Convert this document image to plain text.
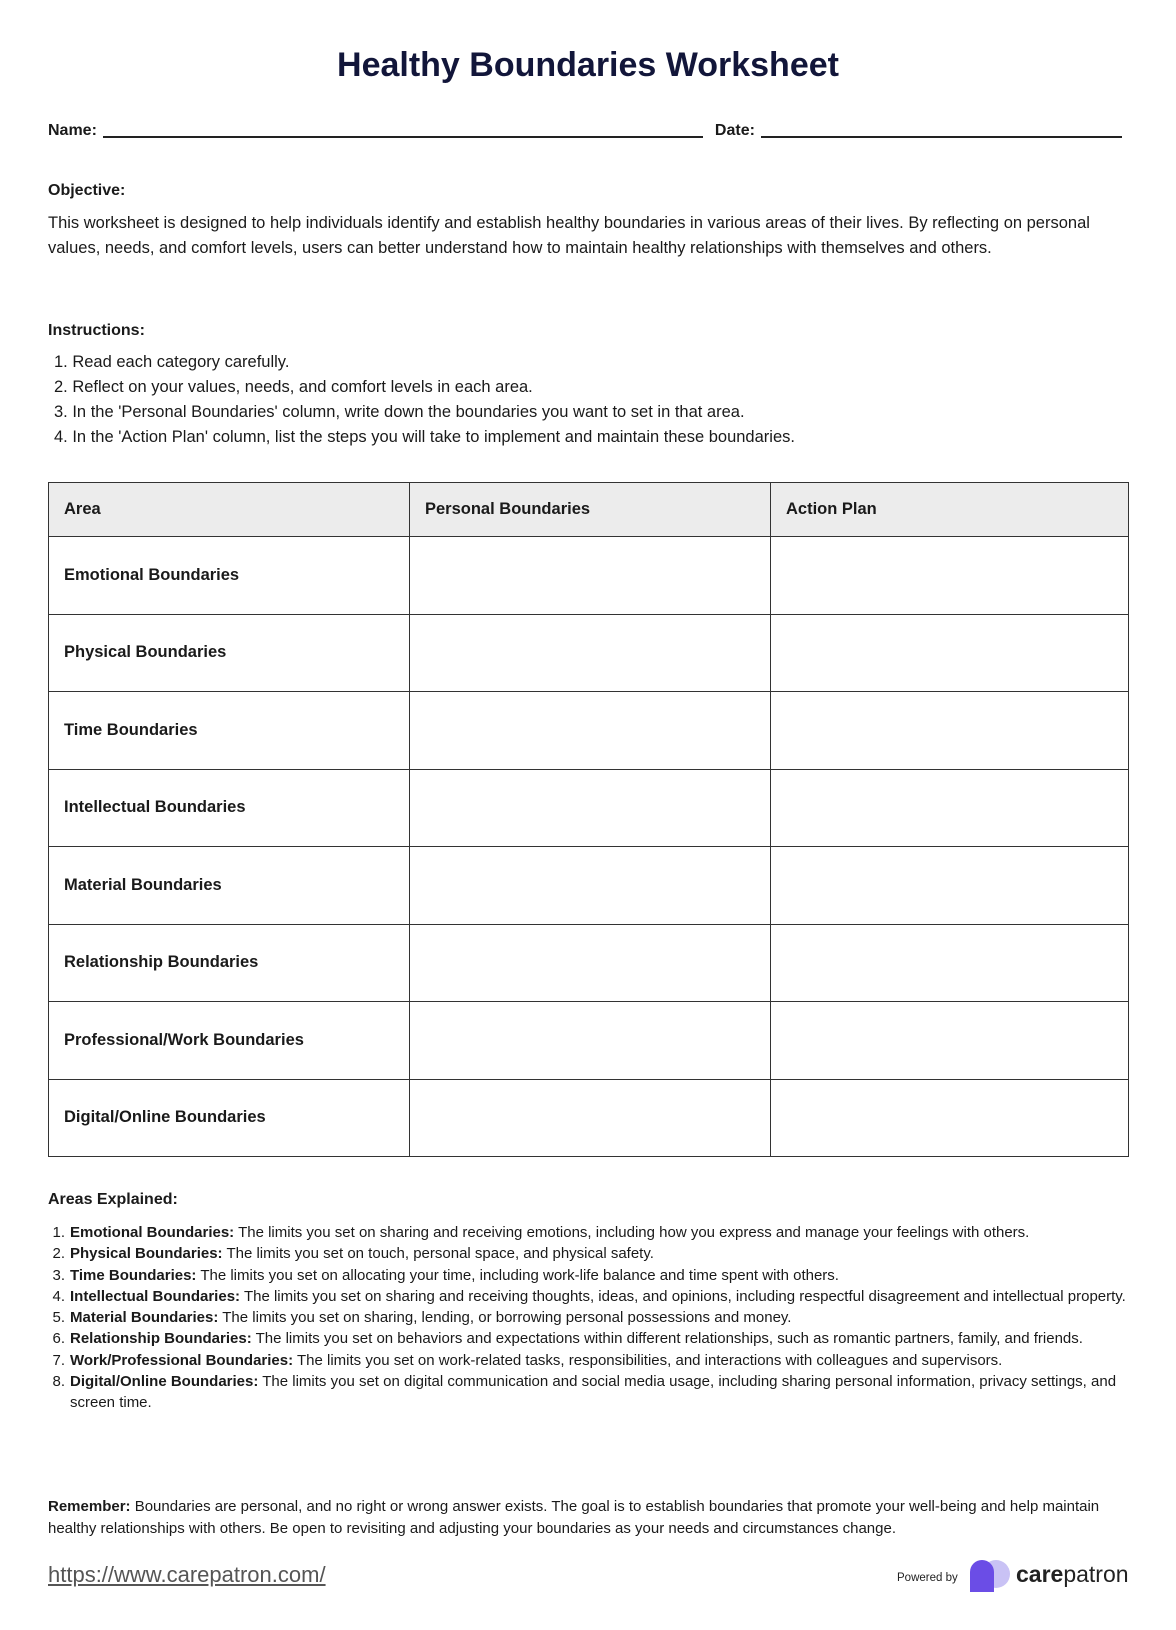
Healthy Boundaries Worksheet
Name:	Date:
Objective:
This worksheet is designed to help individuals identify and establish healthy boundaries in various areas of their lives. By reflecting on personal values, needs, and comfort levels, users can better understand how to maintain healthy relationships with themselves and others.
Instructions:
1. Read each category carefully.
2. Reflect on your values, needs, and comfort levels in each area.
3. In the 'Personal Boundaries' column, write down the boundaries you want to set in that area.
4. In the 'Action Plan' column, list the steps you will take to implement and maintain these boundaries.
Area	Personal Boundaries	Action Plan
Emotional Boundaries		
Physical Boundaries		
Time Boundaries		
Intellectual Boundaries		
Material Boundaries		
Relationship Boundaries		
Professional/Work Boundaries		
Digital/Online Boundaries		
Areas Explained:
1. Emotional Boundaries: The limits you set on sharing and receiving emotions, including how you express and manage your feelings with others.
2. Physical Boundaries: The limits you set on touch, personal space, and physical safety.
3. Time Boundaries: The limits you set on allocating your time, including work-life balance and time spent with others.
4. Intellectual Boundaries: The limits you set on sharing and receiving thoughts, ideas, and opinions, including respectful disagreement and intellectual property.
5. Material Boundaries: The limits you set on sharing, lending, or borrowing personal possessions and money.
6. Relationship Boundaries: The limits you set on behaviors and expectations within different relationships, such as romantic partners, family, and friends.
7. Work/Professional Boundaries: The limits you set on work-related tasks, responsibilities, and interactions with colleagues and supervisors.
8. Digital/Online Boundaries: The limits you set on digital communication and social media usage, including sharing personal information, privacy settings, and screen time.
Remember: Boundaries are personal, and no right or wrong answer exists. The goal is to establish boundaries that promote your well-being and help maintain healthy relationships with others. Be open to revisiting and adjusting your boundaries as your needs and circumstances change.
https://www.carepatron.com/	Powered by	carepatron
